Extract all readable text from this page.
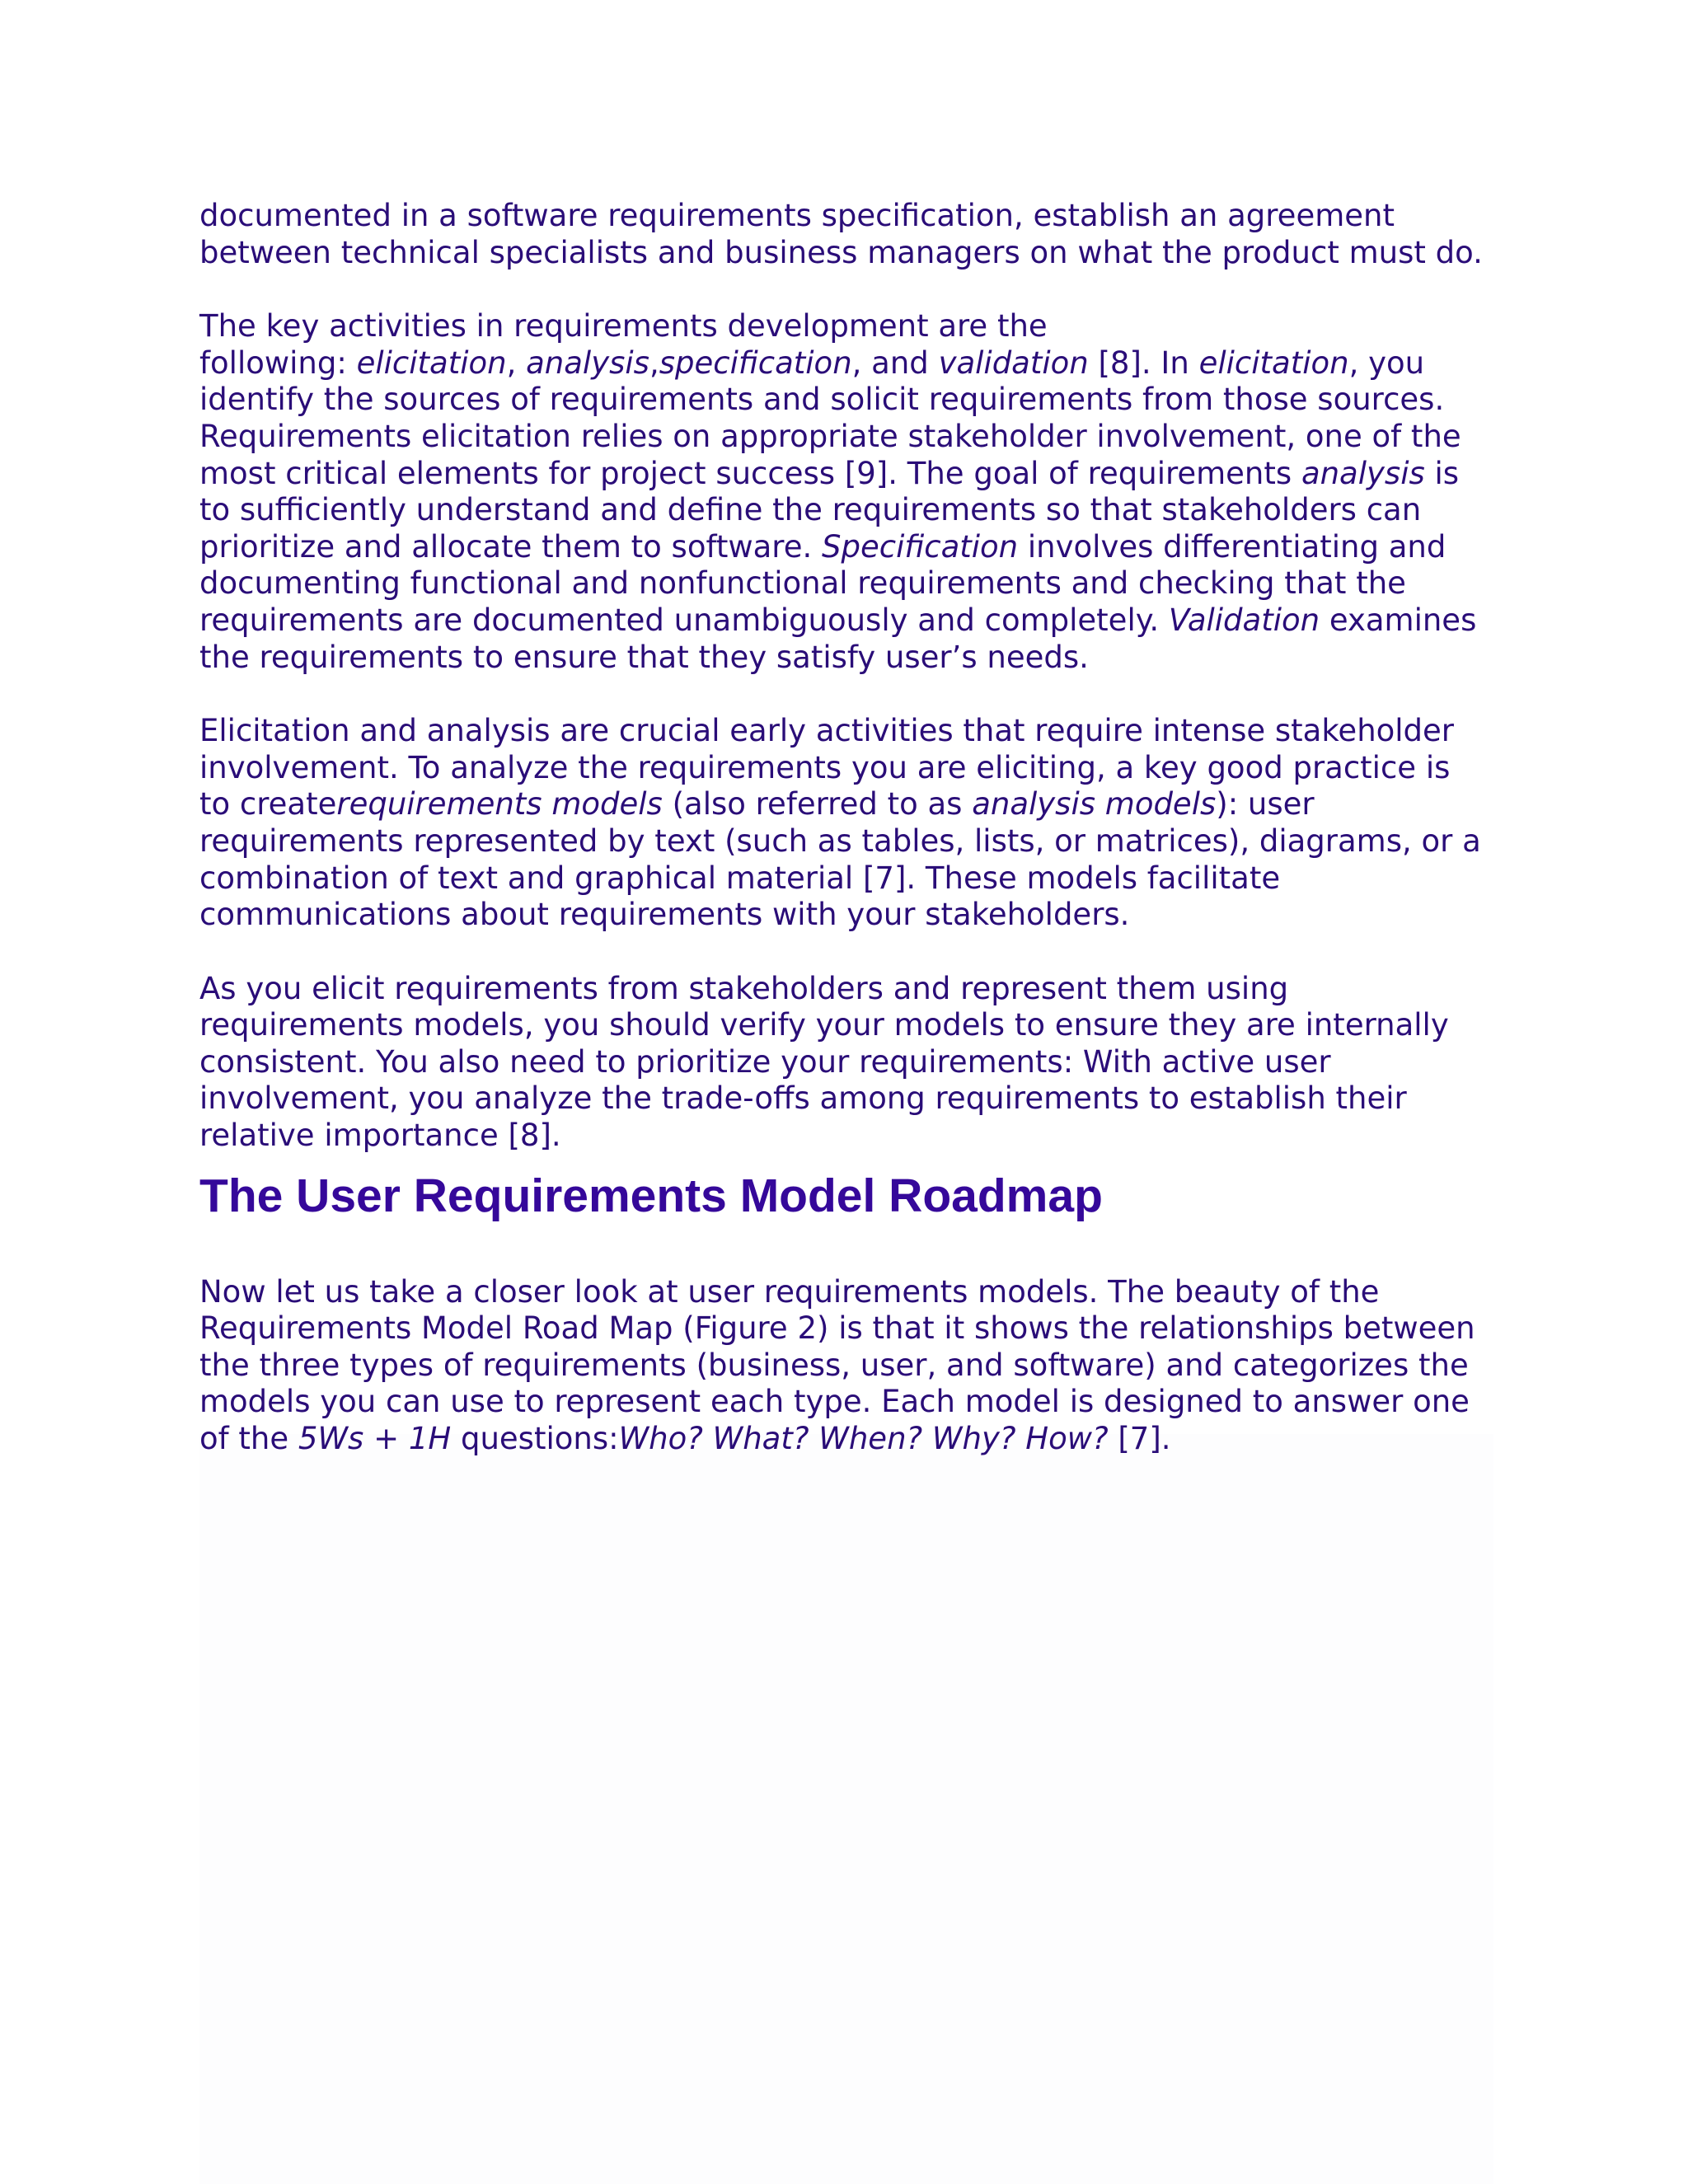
documented in a software requirements specification, establish an agreement
between technical specialists and business managers on what the product must do.

The key activities in requirements development are the
following: elicitation, analysis,specification, and validation [8]. In elicitation, you
identify the sources of requirements and solicit requirements from those sources.
Requirements elicitation relies on appropriate stakeholder involvement, one of the
most critical elements for project success [9]. The goal of requirements analysis is
to sufficiently understand and define the requirements so that stakeholders can
prioritize and allocate them to software. Specification involves differentiating and
documenting functional and nonfunctional requirements and checking that the
requirements are documented unambiguously and completely. Validation examines
the requirements to ensure that they satisfy user’s needs.

Elicitation and analysis are crucial early activities that require intense stakeholder
involvement. To analyze the requirements you are eliciting, a key good practice is
to createrequirements models (also referred to as analysis models): user
requirements represented by text (such as tables, lists, or matrices), diagrams, or a
combination of text and graphical material [7]. These models facilitate
communications about requirements with your stakeholders.

As you elicit requirements from stakeholders and represent them using
requirements models, you should verify your models to ensure they are internally
consistent. You also need to prioritize your requirements: With active user
involvement, you analyze the trade-offs among requirements to establish their
relative importance [8].

The User Requirements Model Roadmap

Now let us take a closer look at user requirements models. The beauty of the
Requirements Model Road Map (Figure 2) is that it shows the relationships between
the three types of requirements (business, user, and software) and categorizes the
models you can use to represent each type. Each model is designed to answer one
of the 5Ws + 1H questions:Who? What? When? Why? How? [7].
